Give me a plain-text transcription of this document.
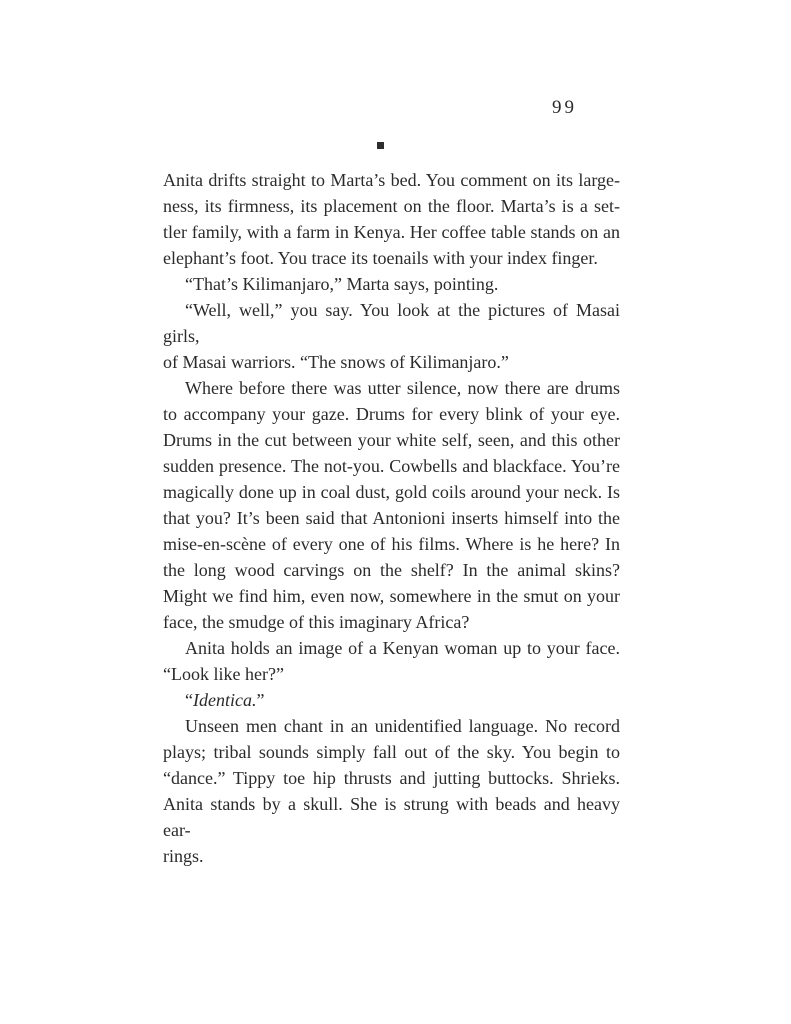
99
Anita drifts straight to Marta’s bed. You comment on its large-
ness, its firmness, its placement on the floor. Marta’s is a set-
tler family, with a farm in Kenya. Her coffee table stands on an
elephant’s foot. You trace its toenails with your index finger.
“That’s Kilimanjaro,” Marta says, pointing.
“Well, well,” you say. You look at the pictures of Masai girls,
of Masai warriors. “The snows of Kilimanjaro.”
Where before there was utter silence, now there are drums
to accompany your gaze. Drums for every blink of your eye.
Drums in the cut between your white self, seen, and this other
sudden presence. The not-you. Cowbells and blackface. You’re
magically done up in coal dust, gold coils around your neck. Is
that you? It’s been said that Antonioni inserts himself into the
mise-en-scène of every one of his films. Where is he here? In
the long wood carvings on the shelf? In the animal skins?
Might we find him, even now, somewhere in the smut on your
face, the smudge of this imaginary Africa?
Anita holds an image of a Kenyan woman up to your face.
“Look like her?”
“Identica.”
Unseen men chant in an unidentified language. No record
plays; tribal sounds simply fall out of the sky. You begin to
“dance.” Tippy toe hip thrusts and jutting buttocks. Shrieks.
Anita stands by a skull. She is strung with beads and heavy ear-
rings.
